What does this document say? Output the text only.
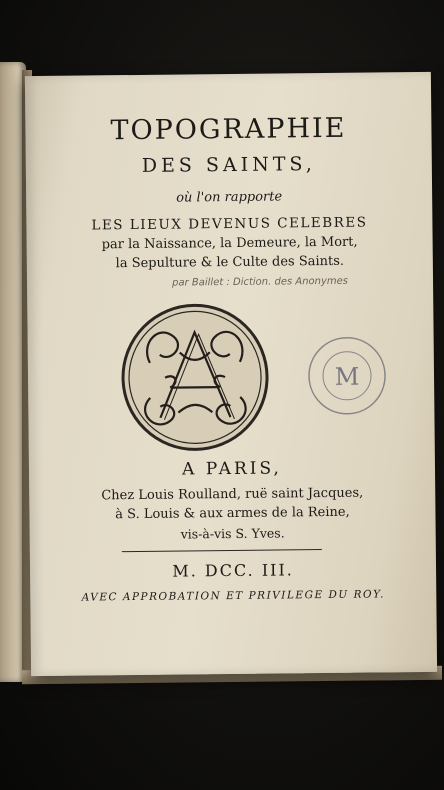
TOPOGRAPHIE
DES SAINTS,
où l'on rapporte
LES LIEUX DEVENUS CELEBRES
par la Naissance, la Demeure, la Mort,
la Sepulture & le Culte des Saints.
par Baillet : Diction. des Anonymes
M
A PARIS,
Chez Louis Roulland, ruë saint Jacques,
à S. Louis & aux armes de la Reine,
vis-à-vis S. Yves.
M. DCC. III.
AVEC APPROBATION ET PRIVILEGE DU ROY.
